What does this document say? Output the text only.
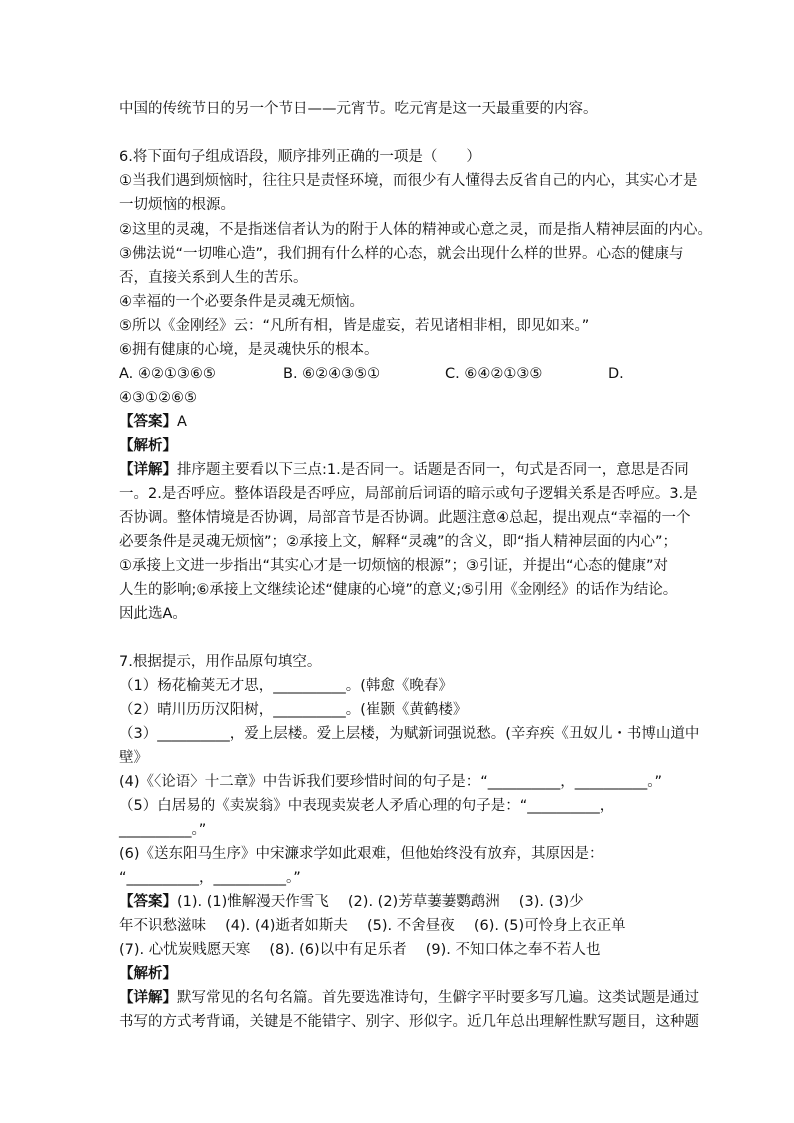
中国的传统节日的另一个节日——元宵节。吃元宵是这一天最重要的内容。
6.将下面句子组成语段，顺序排列正确的一项是（　　）
①当我们遇到烦恼时，往往只是责怪环境，而很少有人懂得去反省自己的内心，其实心才是
一切烦恼的根源。
②这里的灵魂，不是指迷信者认为的附于人体的精神或心意之灵，而是指人精神层面的内心。
③佛法说“一切唯心造”，我们拥有什么样的心态，就会出现什么样的世界。心态的健康与
否，直接关系到人生的苦乐。
④幸福的一个必要条件是灵魂无烦恼。
⑤所以《金刚经》云：“凡所有相，皆是虚妄，若见诸相非相，即见如来。”
⑥拥有健康的心境，是灵魂快乐的根本。
A. ④②①③⑥⑤	B. ⑥②④③⑤①	C. ⑥④②①③⑤	D.
④③①②⑥⑤
【答案】A
【解析】
【详解】排序题主要看以下三点:1.是否同一。话题是否同一，句式是否同一，意思是否同
一。2.是否呼应。整体语段是否呼应，局部前后词语的暗示或句子逻辑关系是否呼应。3.是
否协调。整体情境是否协调，局部音节是否协调。此题注意④总起，提出观点“幸福的一个
必要条件是灵魂无烦恼”；②承接上文，解释“灵魂”的含义，即“指人精神层面的内心”；
①承接上文进一步指出“其实心才是一切烦恼的根源”；③引证，并提出“心态的健康”对
人生的影响;⑥承接上文继续论述“健康的心境”的意义;⑤引用《金刚经》的话作为结论。
因此选A。
7.根据提示，用作品原句填空。
（1）杨花榆荚无才思，__________。(韩愈《晚春》
（2）晴川历历汉阳树，__________。(崔颢《黄鹤楼》
（3）__________，爱上层楼。爱上层楼，为赋新词强说愁。(辛弃疾《丑奴儿・书博山道中
壁》
(4)《〈论语〉十二章》中告诉我们要珍惜时间的句子是：“__________，__________。”
（5）白居易的《卖炭翁》中表现卖炭老人矛盾心理的句子是：“__________，
__________。”
(6)《送东阳马生序》中宋濂求学如此艰难，但他始终没有放弃，其原因是：
“__________，__________。”
【答案】(1). (1)惟解漫天作雪飞　 (2). (2)芳草萋萋鹦鹉洲　 (3). (3)少
年不识愁滋味　 (4). (4)逝者如斯夫　 (5). 不舍昼夜　 (6). (5)可怜身上衣正单
(7). 心忧炭贱愿天寒　 (8). (6)以中有足乐者　 (9). 不知口体之奉不若人也
【解析】
【详解】默写常见的名句名篇。首先要选准诗句，生僻字平时要多写几遍。这类试题是通过
书写的方式考背诵，关键是不能错字、别字、形似字。近几年总出理解性默写题目，这种题
